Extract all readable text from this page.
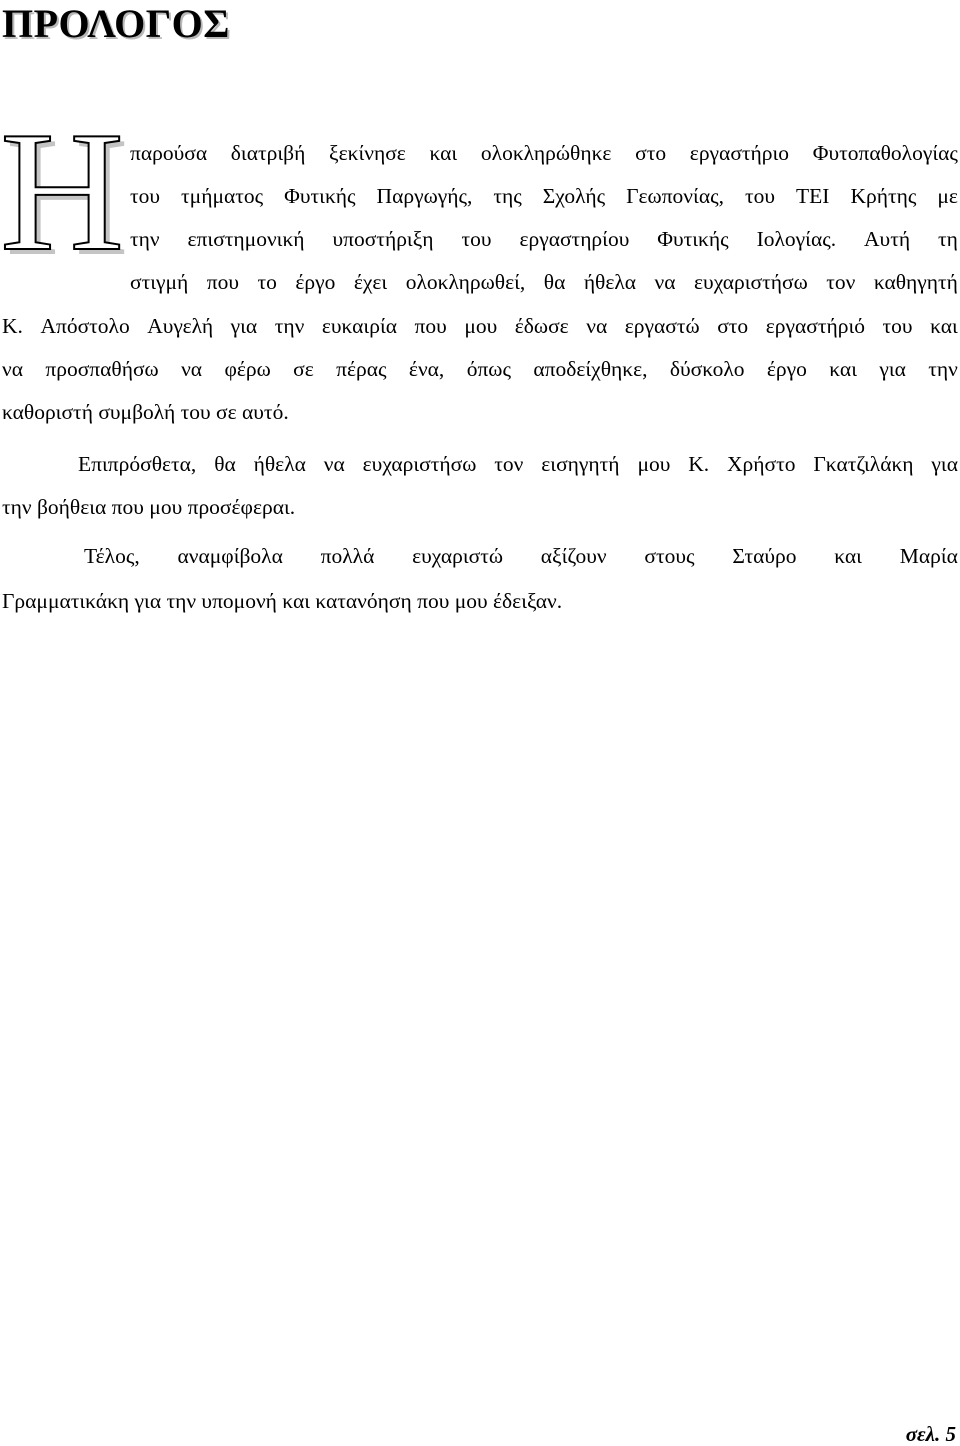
ΠΡΟΛΟΓΟΣ
Η παρούσα διατριβή ξεκίνησε και ολοκληρώθηκε στο εργαστήριο Φυτοπαθολογίας
του τμήματος Φυτικής Παργωγής, της Σχολής Γεωπονίας, του ΤΕΙ Κρήτης με
την επιστημονική υποστήριξη του εργαστηρίου Φυτικής Ιολογίας. Αυτή τη
στιγμή που το έργο έχει ολοκληρωθεί, θα ήθελα να ευχαριστήσω τον καθηγητή
Κ. Απόστολο Αυγελή για την ευκαιρία που μου έδωσε να εργαστώ στο εργαστήριό του και
να προσπαθήσω να φέρω σε πέρας ένα, όπως αποδείχθηκε, δύσκολο έργο και για την
καθοριστή συμβολή του σε αυτό.
Επιπρόσθετα, θα ήθελα να ευχαριστήσω τον εισηγητή μου Κ. Χρήστο Γκατζιλάκη για
την βοήθεια που μου προσέφεραι.
Τέλος, αναμφίβολα πολλά ευχαριστώ αξίζουν στους Σταύρο και Μαρία
Γραμματικάκη για την υπομονή και κατανόηση που μου έδειξαν.
σελ. 5
